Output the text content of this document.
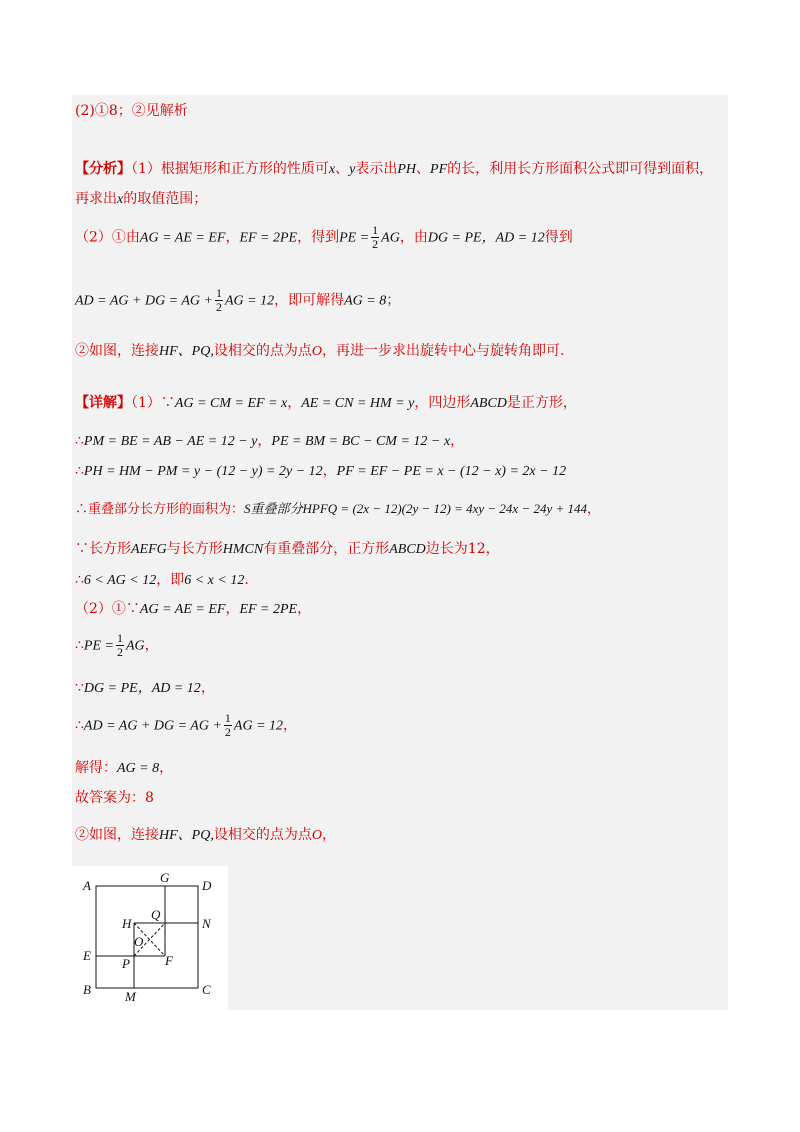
(2)①8；②见解析
【分析】（1）根据矩形和正方形的性质可x、y表示出PH、PF的长，利用长方形面积公式即可得到面积，
再求出x的取值范围；
（2）①由AG = AE = EF，EF = 2PE，得到PE = $\frac{1}{2}$ AG，由DG = PE，AD = 12得到
AD = AG + DG = AG + $\frac{1}{2}$ AG = 12，即可解得AG = 8；
②如图，连接HF、PQ,设相交的点为点O，再进一步求出旋转中心与旋转角即可.
【详解】（1）∵AG = CM = EF = x，AE = CN = HM = y，四边形ABCD是正方形，
∴PM = BE = AB − AE = 12 − y，PE = BM = BC − CM = 12 − x，
∴PH = HM − PM = y − (12 − y) = 2y − 12，PF = EF − PE = x − (12 − x) = 2x − 12
∴重叠部分长方形的面积为：S重叠部分HPFQ = (2x − 12)(2y − 12) = 4xy − 24x − 24y + 144，
∵长方形AEFG与长方形HMCN有重叠部分，正方形ABCD边长为12，
∴6 < AG < 12，即6 < x < 12.
（2）①∵AG = AE = EF，EF = 2PE，
∴PE = $\frac{1}{2}$ AG，
∵DG = PE，AD = 12，
∴AD = AG + DG = AG + $\frac{1}{2}$ AG = 12，
解得：AG = 8，
故答案为：8
②如图，连接HF、PQ,设相交的点为点O，
A
G
D
H
Q
N
O
E
P	F
B	M	C
